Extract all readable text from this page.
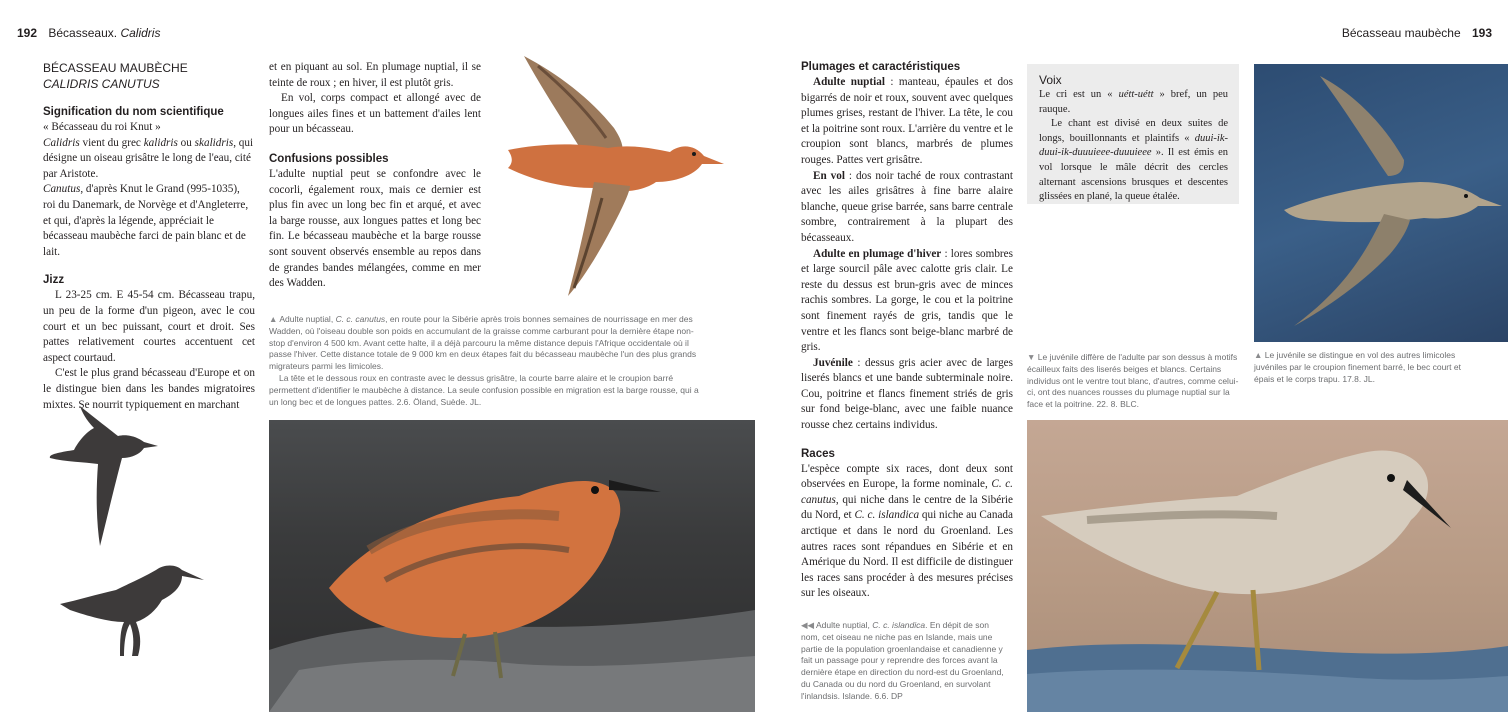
192 Bécasseaux. Calidris	Bécasseau maubèche 193
BÉCASSEAU MAUBÈCHE
CALIDRIS CANUTUS
Signification du nom scientifique

« Bécasseau du roi Knut »

Calidris vient du grec kalidris ou skalidris, qui désigne un oiseau grisâtre le long de l'eau, cité par Aristote.

Canutus, d'après Knut le Grand (995-1035), roi du Danemark, de Norvège et d'Angleterre, et qui, d'après la légende, appréciait le bécasseau maubèche farci de pain blanc et de lait.

Jizz

L 23-25 cm. E 45-54 cm. Bécasseau trapu, un peu de la forme d'un pigeon, avec le cou court et un bec puissant, court et droit. Ses pattes relativement courtes accentuent cet aspect courtaud.

C'est le plus grand bécasseau d'Europe et on le distingue bien dans les bandes migratoires mixtes. Se nourrit typiquement en marchant

et en piquant au sol. En plumage nuptial, il se teinte de roux ; en hiver, il est plutôt gris.

En vol, corps compact et allongé avec de longues ailes fines et un battement d'ailes lent pour un bécasseau.

Confusions possibles
L'adulte nuptial peut se confondre avec le cocorli, également roux, mais ce dernier est plus fin avec un long bec fin et arqué, et avec la barge rousse, aux longues pattes et long bec fin. Le bécasseau maubèche et la barge rousse sont souvent observés ensemble au repos dans de grandes bandes mélangées, comme en mer des Wadden.

▲ Adulte nuptial, C. c. canutus, en route pour la Sibérie après trois bonnes semaines de nourrissage en mer des Wadden, où l'oiseau double son poids en accumulant de la graisse comme carburant pour la dernière étape non-stop d'environ 4 500 km. Avant cette halte, il a déjà parcouru la même distance depuis l'Afrique occidentale où il passe l'hiver. Cette distance totale de 9 000 km en deux étapes fait du bécasseau maubèche l'un des plus grands migrateurs parmi les limicoles.

La tête et le dessous roux en contraste avec le dessus grisâtre, la courte barre alaire et le croupion barré permettent d'identifier le maubèche à distance. La seule confusion possible en migration est la barge rousse, qui a un long bec et de longues pattes. 2.6. Öland, Suède. JL.

Plumages et caractéristiques

Adulte nuptial : manteau, épaules et dos bigarrés de noir et roux, souvent avec quelques plumes grises, restant de l'hiver. La tête, le cou et la poitrine sont roux. L'arrière du ventre et le croupion sont blancs, marbrés de plumes rouges. Pattes vert grisâtre.

En vol : dos noir taché de roux contrastant avec les ailes grisâtres à fine barre alaire blanche, queue grise barrée, sans barre centrale sombre, contrairement à la plupart des bécasseaux.

Adulte en plumage d'hiver : lores sombres et large sourcil pâle avec calotte gris clair. Le reste du dessus est brun-gris avec de minces rachis sombres. La gorge, le cou et la poitrine sont finement rayés de gris, tandis que le ventre et les flancs sont beige-blanc marbré de gris.

Juvénile : dessus gris acier avec de larges liserés blancs et une bande subterminale noire. Cou, poitrine et flancs finement striés de gris sur fond beige-blanc, avec une faible nuance rousse chez certains individus.

Races

L'espèce compte six races, dont deux sont observées en Europe, la forme nominale, C. c. canutus, qui niche dans le centre de la Sibérie du Nord, et C. c. islandica qui niche au Canada arctique et dans le nord du Groenland. Les autres races sont répandues en Sibérie et en Amérique du Nord. Il est difficile de distinguer les races sans procéder à des mesures précises sur les oiseaux.

◀◀ Adulte nuptial, C. c. islandica. En dépit de son nom, cet oiseau ne niche pas en Islande, mais une partie de la population groenlandaise et canadienne y fait un passage pour y reprendre des forces avant la dernière étape en direction du nord-est du Groenland, du Canada ou du nord du Groenland, en survolant l'inlandsis. Islande. 6.6. DP

Voix

Le cri est un « uétt-uétt » bref, un peu rauque.

Le chant est divisé en deux suites de longs, bouillonnants et plaintifs « duui-ik-duui-ik-duuuieee-duuuieee ». Il est émis en vol lorsque le mâle décrit des cercles alternant ascensions brusques et descentes glissées en plané, la queue étalée.

▼ Le juvénile diffère de l'adulte par son dessus à motifs écailleux faits des liserés beiges et blancs. Certains individus ont le ventre tout blanc, d'autres, comme celui-ci, ont des nuances rousses du plumage nuptial sur la face et la poitrine. 22. 8. BLC.

▲ Le juvénile se distingue en vol des autres limicoles juvéniles par le croupion finement barré, le bec court et épais et le corps trapu. 17.8. JL.
